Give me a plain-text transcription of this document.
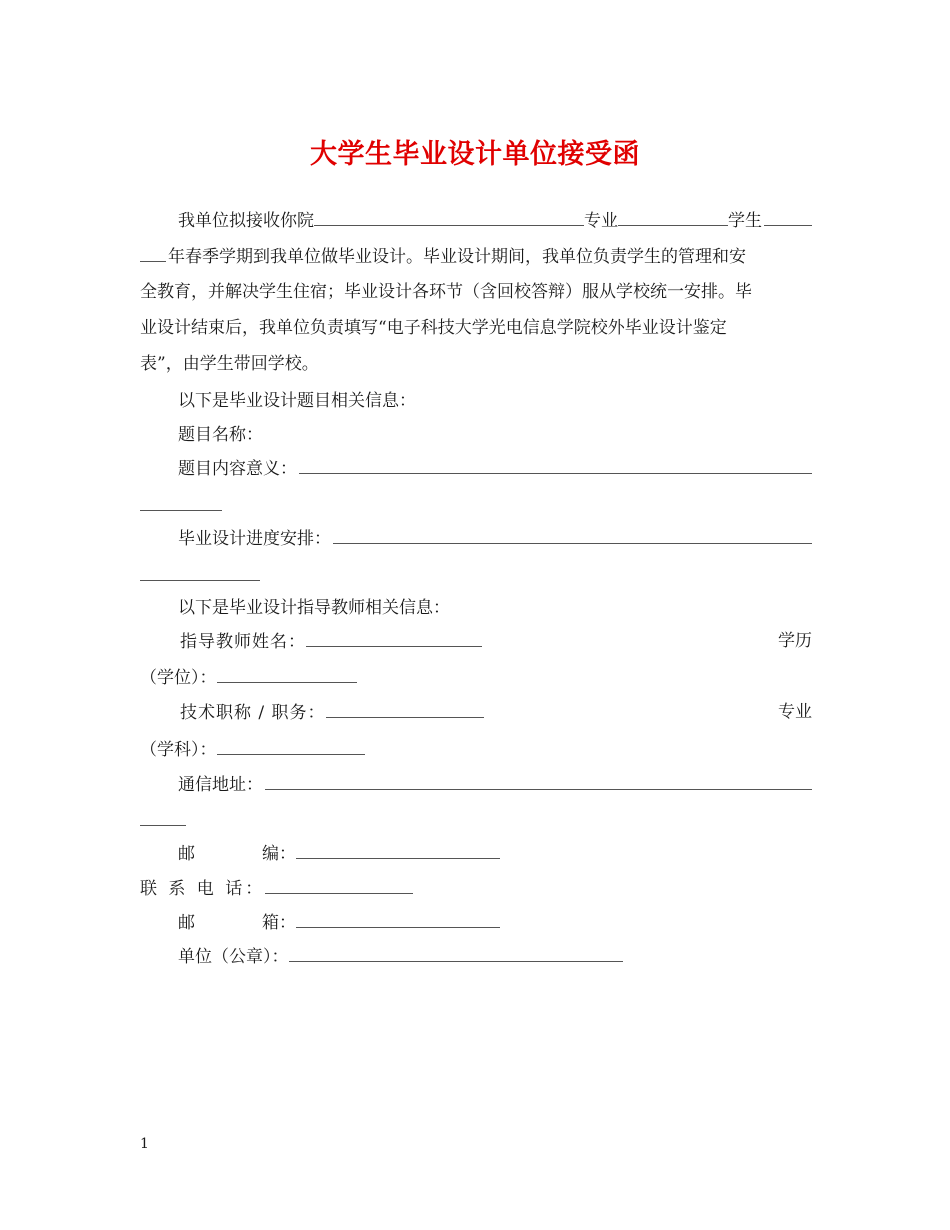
大学生毕业设计单位接受函
我单位拟接收你院	专业	学生
年春季学期到我单位做毕业设计。毕业设计期间，我单位负责学生的管理和安
全教育，并解决学生住宿；毕业设计各环节（含回校答辩）服从学校统一安排。毕
业设计结束后，我单位负责填写“电子科技大学光电信息学院校外毕业设计鉴定
表”，由学生带回学校。
以下是毕业设计题目相关信息：
题目名称：
题目内容意义：
毕业设计进度安排：
以下是毕业设计指导教师相关信息：
指导教师姓名：	学历
（学位）：
技术职称 / 职务：	专业
（学科）：
通信地址：
邮	编：
联 系 电 话：
邮	箱：
单位（公章）：
1
